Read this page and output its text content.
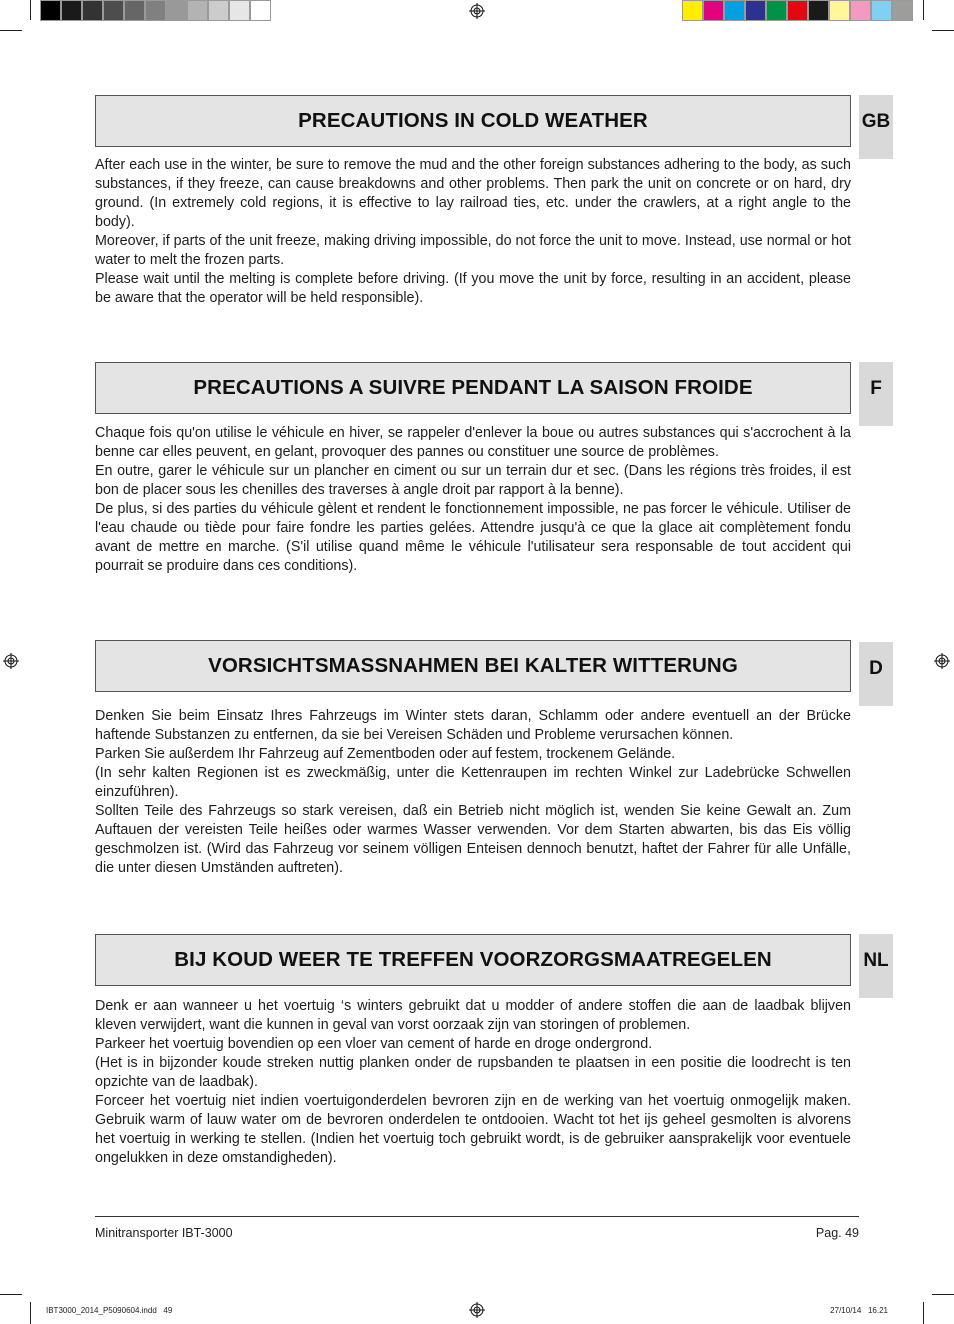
PRECAUTIONS IN COLD WEATHER	GB

After each use in the winter, be sure to remove the mud and the other foreign substances adhering to the body, as such substances, if they freeze, can cause breakdowns and other problems. Then park the unit on concrete or on hard, dry ground. (In extremely cold regions, it is effective to lay railroad ties, etc. under the crawlers, at a right angle to the body).

Moreover, if parts of the unit freeze, making driving impossible, do not force the unit to move. Instead, use normal or hot water to melt the frozen parts.

Please wait until the melting is complete before driving. (If you move the unit by force, resulting in an accident, please be aware that the operator will be held responsible).

PRECAUTIONS A SUIVRE PENDANT LA SAISON FROIDE	F

Chaque fois qu'on utilise le véhicule en hiver, se rappeler d'enlever la boue ou autres substances qui s'accrochent à la benne car elles peuvent, en gelant, provoquer des pannes ou constituer une source de problèmes.

En outre, garer le véhicule sur un plancher en ciment ou sur un terrain dur et sec. (Dans les régions très froides, il est bon de placer sous les chenilles des traverses à angle droit par rapport à la benne).

De plus, si des parties du véhicule gèlent et rendent le fonctionnement impossible, ne pas forcer le véhicule. Utiliser de l'eau chaude ou tiède pour faire fondre les parties gelées. Attendre jusqu'à ce que la glace ait complètement fondu avant de mettre en marche. (S'il utilise quand même le véhicule l'utilisateur sera responsable de tout accident qui pourrait se produire dans ces conditions).

VORSICHTSMASSNAHMEN BEI KALTER WITTERUNG	D

Denken Sie beim Einsatz Ihres Fahrzeugs im Winter stets daran, Schlamm oder andere eventuell an der Brücke haftende Substanzen zu entfernen, da sie bei Vereisen Schäden und Probleme verursachen können.

Parken Sie außerdem Ihr Fahrzeug auf Zementboden oder auf festem, trockenem Gelände.

(In sehr kalten Regionen ist es zweckmäßig, unter die Kettenraupen im rechten Winkel zur Ladebrücke Schwellen einzuführen).

Sollten Teile des Fahrzeugs so stark vereisen, daß ein Betrieb nicht möglich ist, wenden Sie keine Gewalt an. Zum Auftauen der vereisten Teile heißes oder warmes Wasser verwenden. Vor dem Starten abwarten, bis das Eis völlig geschmolzen ist. (Wird das Fahrzeug vor seinem völligen Enteisen dennoch benutzt, haftet der Fahrer für alle Unfälle, die unter diesen Umständen auftreten).

BIJ KOUD WEER TE TREFFEN VOORZORGSMAATREGELEN	NL

Denk er aan wanneer u het voertuig ‘s winters gebruikt dat u modder of andere stoffen die aan de laadbak blijven kleven verwijdert, want die kunnen in geval van vorst oorzaak zijn van storingen of problemen.

Parkeer het voertuig bovendien op een vloer van cement of harde en droge ondergrond.

(Het is in bijzonder koude streken nuttig planken onder de rupsbanden te plaatsen in een positie die loodrecht is ten opzichte van de laadbak).

Forceer het voertuig niet indien voertuigonderdelen bevroren zijn en de werking van het voertuig onmogelijk maken. Gebruik warm of lauw water om de bevroren onderdelen te ontdooien. Wacht tot het ijs geheel gesmolten is alvorens het voertuig in werking te stellen. (Indien het voertuig toch gebruikt wordt, is de gebruiker aansprakelijk voor eventuele ongelukken in deze omstandigheden).

Minitransporter IBT-3000	Pag. 49
IBT3000_2014_P5090604.indd   49	27/10/14   16.21
